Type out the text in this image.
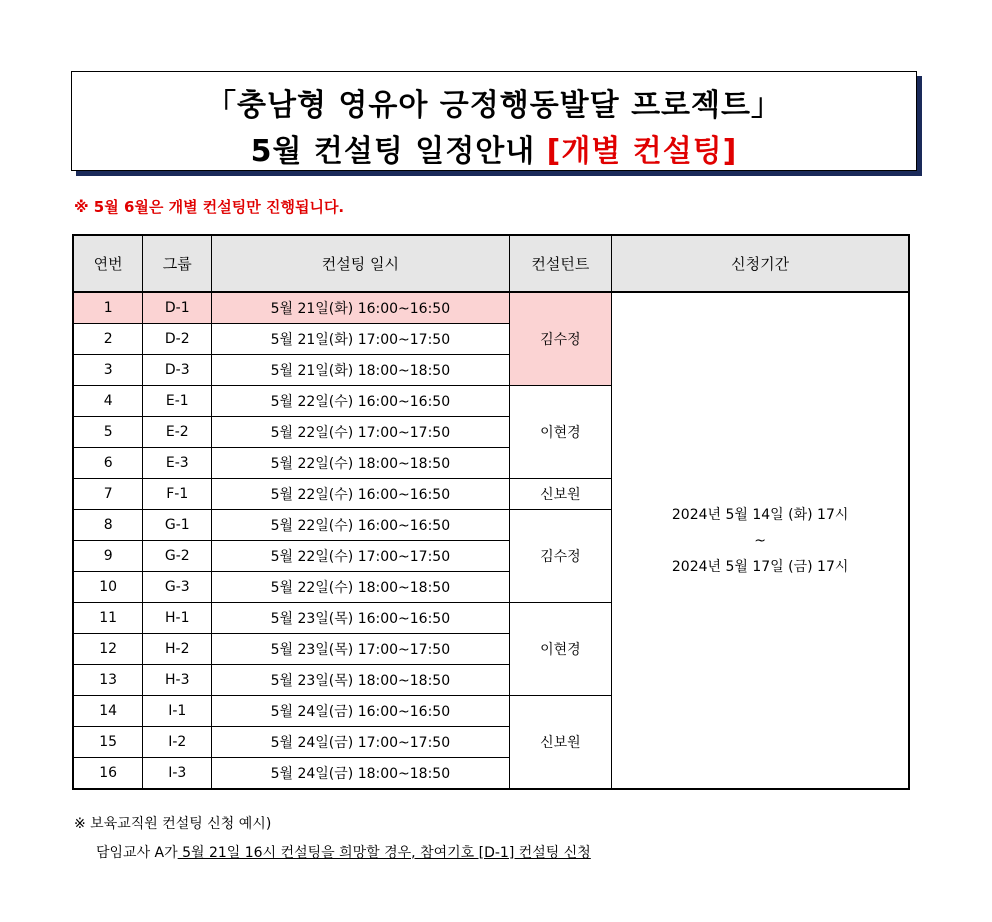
「충남형 영유아 긍정행동발달 프로젝트」
5월 컨설팅 일정안내 [개별 컨설팅]
※ 5월 6월은 개별 컨설팅만 진행됩니다.
연번	그룹	컨설팅 일시	컨설턴트	신청기간
1	D-1	5월 21일(화) 16:00~16:50	김수정	2024년 5월 14일 (화) 17시
~
2024년 5월 17일 (금) 17시

2	D-2	5월 21일(화) 17:00~17:50		
3	D-3	5월 21일(화) 18:00~18:50		
4	E-1	5월 22일(수) 16:00~16:50	이현경	
5	E-2	5월 22일(수) 17:00~17:50		
6	E-3	5월 22일(수) 18:00~18:50		
7	F-1	5월 22일(수) 16:00~16:50	신보원	
8	G-1	5월 22일(수) 16:00~16:50	김수정	
9	G-2	5월 22일(수) 17:00~17:50		
10	G-3	5월 22일(수) 18:00~18:50		
11	H-1	5월 23일(목) 16:00~16:50	이현경	
12	H-2	5월 23일(목) 17:00~17:50		
13	H-3	5월 23일(목) 18:00~18:50		
14	I-1	5월 24일(금) 16:00~16:50	신보원	
15	I-2	5월 24일(금) 17:00~17:50		
16	I-3	5월 24일(금) 18:00~18:50		
※ 보육교직원 컨설팅 신청 예시)
담임교사 A가 5월 21일 16시 컨설팅을 희망할 경우, 참여기호 [D-1] 컨설팅 신청
